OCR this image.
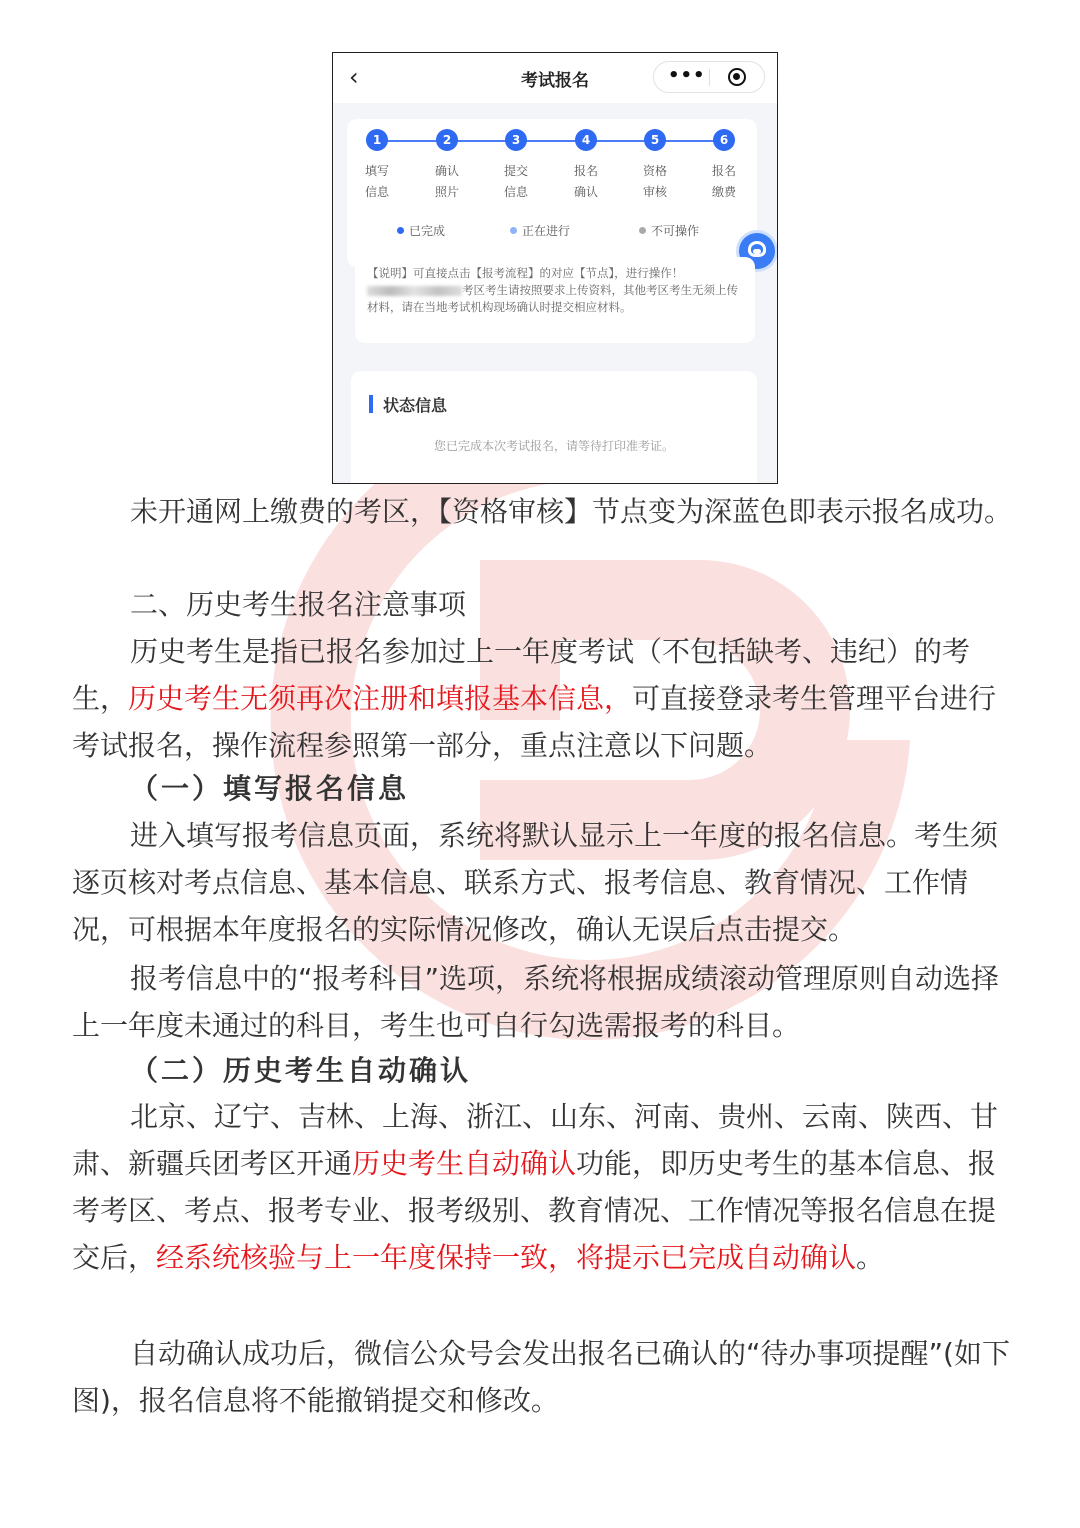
‹	考试报名	•••
1
填写
信息
2
确认
照片
3
提交
信息
4
报名
确认
5
资格
审核
6
报名
缴费
已完成	正在进行	不可操作
【说明】可直接点击【报考流程】的对应【节点】，进行操作！考区考生请按照要求上传资料，其他考区考生无须上传材料，请在当地考试机构现场确认时提交相应材料。
状态信息
您已完成本次考试报名，请等待打印准考证。

未开通网上缴费的考区，【资格审核】节点变为深蓝色即表示报名成功。

二、历史考生报名注意事项

历史考生是指已报名参加过上一年度考试（不包括缺考、违纪）的考生，历史考生无须再次注册和填报基本信息，可直接登录考生管理平台进行考试报名，操作流程参照第一部分，重点注意以下问题。

（一）填写报名信息

进入填写报考信息页面，系统将默认显示上一年度的报名信息。考生须逐页核对考点信息、基本信息、联系方式、报考信息、教育情况、工作情况，可根据本年度报名的实际情况修改，确认无误后点击提交。

报考信息中的“报考科目”选项，系统将根据成绩滚动管理原则自动选择上一年度未通过的科目，考生也可自行勾选需报考的科目。

（二）历史考生自动确认

北京、辽宁、吉林、上海、浙江、山东、河南、贵州、云南、陕西、甘肃、新疆兵团考区开通历史考生自动确认功能，即历史考生的基本信息、报考考区、考点、报考专业、报考级别、教育情况、工作情况等报名信息在提交后，经系统核验与上一年度保持一致，将提示已完成自动确认。

自动确认成功后，微信公众号会发出报名已确认的“待办事项提醒”(如下图)，报名信息将不能撤销提交和修改。
